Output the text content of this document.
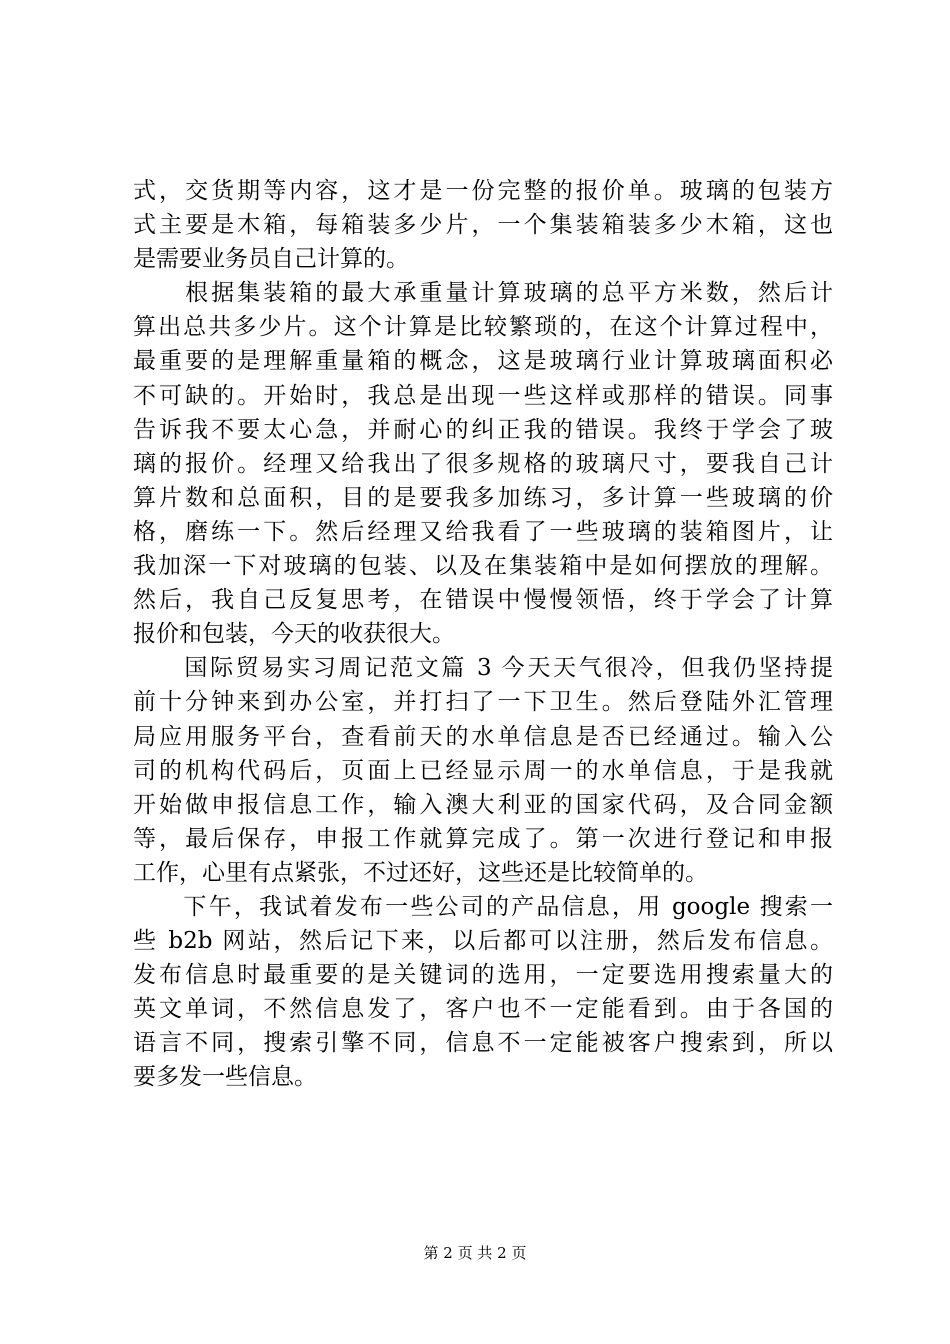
式，交货期等内容，这才是一份完整的报价单。玻璃的包装方
式主要是木箱，每箱装多少片，一个集装箱装多少木箱，这也
是需要业务员自己计算的。
　　根据集装箱的最大承重量计算玻璃的总平方米数，然后计
算出总共多少片。这个计算是比较繁琐的，在这个计算过程中，
最重要的是理解重量箱的概念，这是玻璃行业计算玻璃面积必
不可缺的。开始时，我总是出现一些这样或那样的错误。同事
告诉我不要太心急，并耐心的纠正我的错误。我终于学会了玻
璃的报价。经理又给我出了很多规格的玻璃尺寸，要我自己计
算片数和总面积，目的是要我多加练习，多计算一些玻璃的价
格，磨练一下。然后经理又给我看了一些玻璃的装箱图片，让
我加深一下对玻璃的包装、以及在集装箱中是如何摆放的理解。
然后，我自己反复思考，在错误中慢慢领悟，终于学会了计算
报价和包装，今天的收获很大。
　　国际贸易实习周记范文篇 3 今天天气很冷，但我仍坚持提
前十分钟来到办公室，并打扫了一下卫生。然后登陆外汇管理
局应用服务平台，查看前天的水单信息是否已经通过。输入公
司的机构代码后，页面上已经显示周一的水单信息，于是我就
开始做申报信息工作，输入澳大利亚的国家代码，及合同金额
等，最后保存，申报工作就算完成了。第一次进行登记和申报
工作，心里有点紧张，不过还好，这些还是比较简单的。
　　下午，我试着发布一些公司的产品信息，用 google 搜索一
些 b2b 网站，然后记下来，以后都可以注册，然后发布信息。
发布信息时最重要的是关键词的选用，一定要选用搜索量大的
英文单词，不然信息发了，客户也不一定能看到。由于各国的
语言不同，搜索引擎不同，信息不一定能被客户搜索到，所以
要多发一些信息。
第 2 页 共 2 页
